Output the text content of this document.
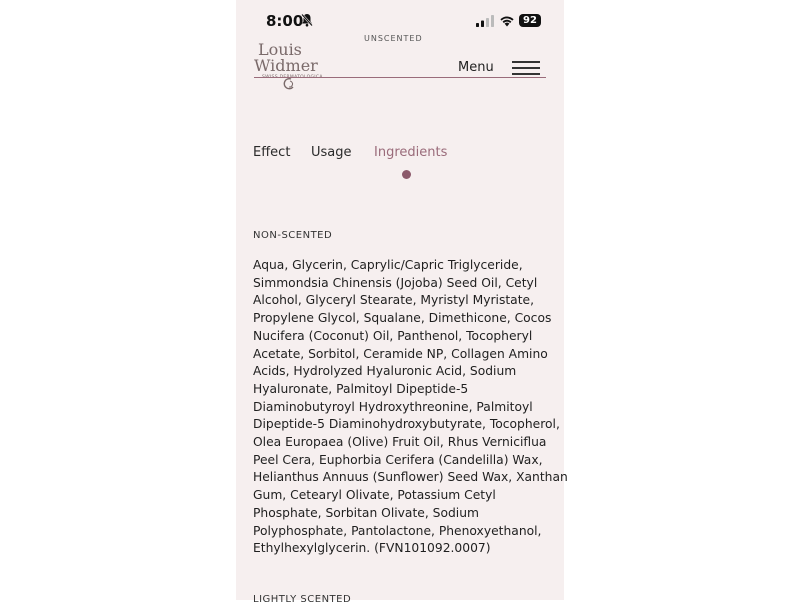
8:00	92
UNSCENTED
Louis
Widmer	Menu
Effect Usage Ingredients
NON-SCENTED
Aqua, Glycerin, Caprylic/Capric Triglyceride,
Simmondsia Chinensis (Jojoba) Seed Oil, Cetyl
Alcohol, Glyceryl Stearate, Myristyl Myristate,
Propylene Glycol, Squalane, Dimethicone, Cocos
Nucifera (Coconut) Oil, Panthenol, Tocopheryl
Acetate, Sorbitol, Ceramide NP, Collagen Amino
Acids, Hydrolyzed Hyaluronic Acid, Sodium
Hyaluronate, Palmitoyl Dipeptide-5
Diaminobutyroyl Hydroxythreonine, Palmitoyl
Dipeptide-5 Diaminohydroxybutyrate, Tocopherol,
Olea Europaea (Olive) Fruit Oil, Rhus Verniciflua
Peel Cera, Euphorbia Cerifera (Candelilla) Wax,
Helianthus Annuus (Sunflower) Seed Wax, Xanthan
Gum, Cetearyl Olivate, Potassium Cetyl
Phosphate, Sorbitan Olivate, Sodium
Polyphosphate, Pantolactone, Phenoxyethanol,
Ethylhexylglycerin. (FVN101092.0007)
LIGHTLY SCENTED
